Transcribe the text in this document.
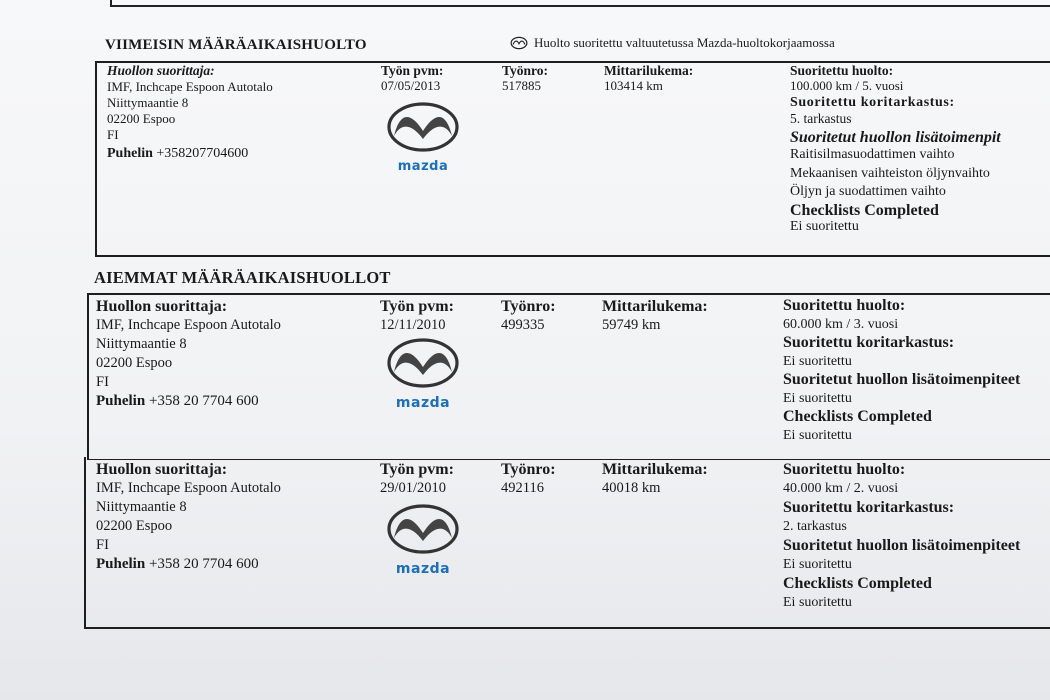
VIIMEISIN MÄÄRÄAIKAISHUOLTO	Huolto suoritettu valtuutetussa Mazda-huoltokorjaamossa
Huollon suorittaja:
IMF, Inchcape Espoon Autotalo
Niittymaantie 8
02200 Espoo
FI
Puhelin +358207704600
Työn pvm:
07/05/2013
Työnro:
517885
Mittarilukema:
103414 km
mazda
Suoritettu huolto:
100.000 km / 5. vuosi
Suoritettu koritarkastus:
5. tarkastus
Suoritetut huollon lisätoimenpit
Raitisilmasuodattimen vaihto
Mekaanisen vaihteiston öljynvaihto
Öljyn ja suodattimen vaihto
Checklists Completed
Ei suoritettu
AIEMMAT MÄÄRÄAIKAISHUOLLOT
Huollon suorittaja:
IMF, Inchcape Espoon Autotalo
Niittymaantie 8
02200 Espoo
FI
Puhelin +358 20 7704 600
Työn pvm:
12/11/2010
Työnro:
499335
Mittarilukema:
59749 km
mazda
Suoritettu huolto:
60.000 km / 3. vuosi
Suoritettu koritarkastus:
Ei suoritettu
Suoritetut huollon lisätoimenpiteet
Ei suoritettu
Checklists Completed
Ei suoritettu
Huollon suorittaja:
IMF, Inchcape Espoon Autotalo
Niittymaantie 8
02200 Espoo
FI
Puhelin +358 20 7704 600
Työn pvm:
29/01/2010
Työnro:
492116
Mittarilukema:
40018 km
mazda
Suoritettu huolto:
40.000 km / 2. vuosi
Suoritettu koritarkastus:
2. tarkastus
Suoritetut huollon lisätoimenpiteet
Ei suoritettu
Checklists Completed
Ei suoritettu
